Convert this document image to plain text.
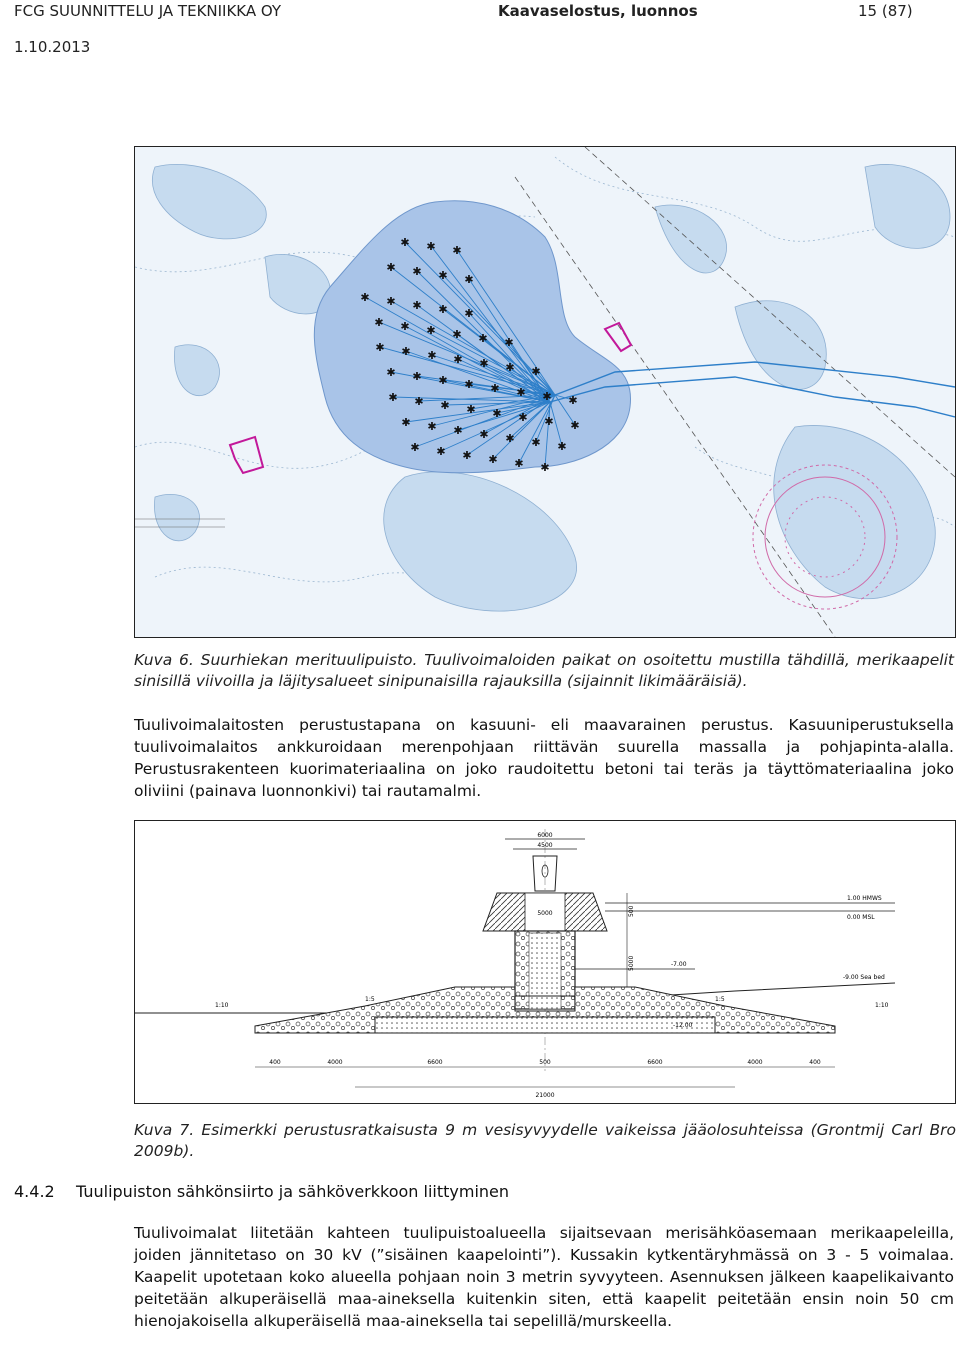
FCG SUUNNITTELU JA TEKNIIKKA OY
1.10.2013
Kaavaselostus, luonnos	15 (87)
✱ ✱ ✱ ✱ ✱
✱ ✱ ✱ ✱ ✱ ✱
✱ ✱ ✱ ✱ ✱ ✱ ✱
✱ ✱ ✱ ✱ ✱ ✱ ✱ ✱
✱ ✱ ✱ ✱ ✱ ✱ ✱ ✱
✱ ✱ ✱ ✱ ✱ ✱ ✱
✱ ✱ ✱ ✱ ✱ ✱
✱ ✱ ✱ ✱
✱ ✱ ✱
Kuva 6. Suurhiekan merituulipuisto. Tuulivoimaloiden paikat on osoitettu mustilla tähdillä, merikaapelit sinisillä viivoilla ja läjitysalueet sinipunaisilla rajauksilla (sijainnit likimääräisiä).
Tuulivoimalaitosten perustustapana on kasuuni- eli maavarainen perustus. Kasuuniperustuksella tuulivoimalaitos ankkuroidaan merenpohjaan riittävän suurella massalla ja pohjapinta-alalla. Perustusrakenteen kuorimateriaalina on joko raudoitettu betoni tai teräs ja täyttömateriaalina joko oliviini (painava luonnonkivi) tai rautamalmi.
6000
4500
5000
1.00 HMWS
0.00 MSL
-7.00
500
5000
-9.00 Sea bed
1:5
1:10
1:5
1:10
-12.00
400	4000	6600	500	6600	4000	400
21000
Kuva 7. Esimerkki perustusratkaisusta 9 m vesisyvyydelle vaikeissa jääolosuhteissa (Grontmij Carl Bro 2009b).
4.4.2 Tuulipuiston sähkönsiirto ja sähköverkkoon liittyminen
Tuulivoimalat liitetään kahteen tuulipuistoalueella sijaitsevaan merisähköasemaan merikaapeleilla, joiden jännitetaso on 30 kV (”sisäinen kaapelointi”). Kussakin kytkentäryhmässä on 3 - 5 voimalaa. Kaapelit upotetaan koko alueella pohjaan noin 3 metrin syvyyteen. Asennuksen jälkeen kaapelikaivanto peitetään alkuperäisellä maa-aineksella kuitenkin siten, että kaapelit peitetään ensin noin 50 cm hienojakoisella alkuperäisellä maa-aineksella tai sepelillä/murskeella.
